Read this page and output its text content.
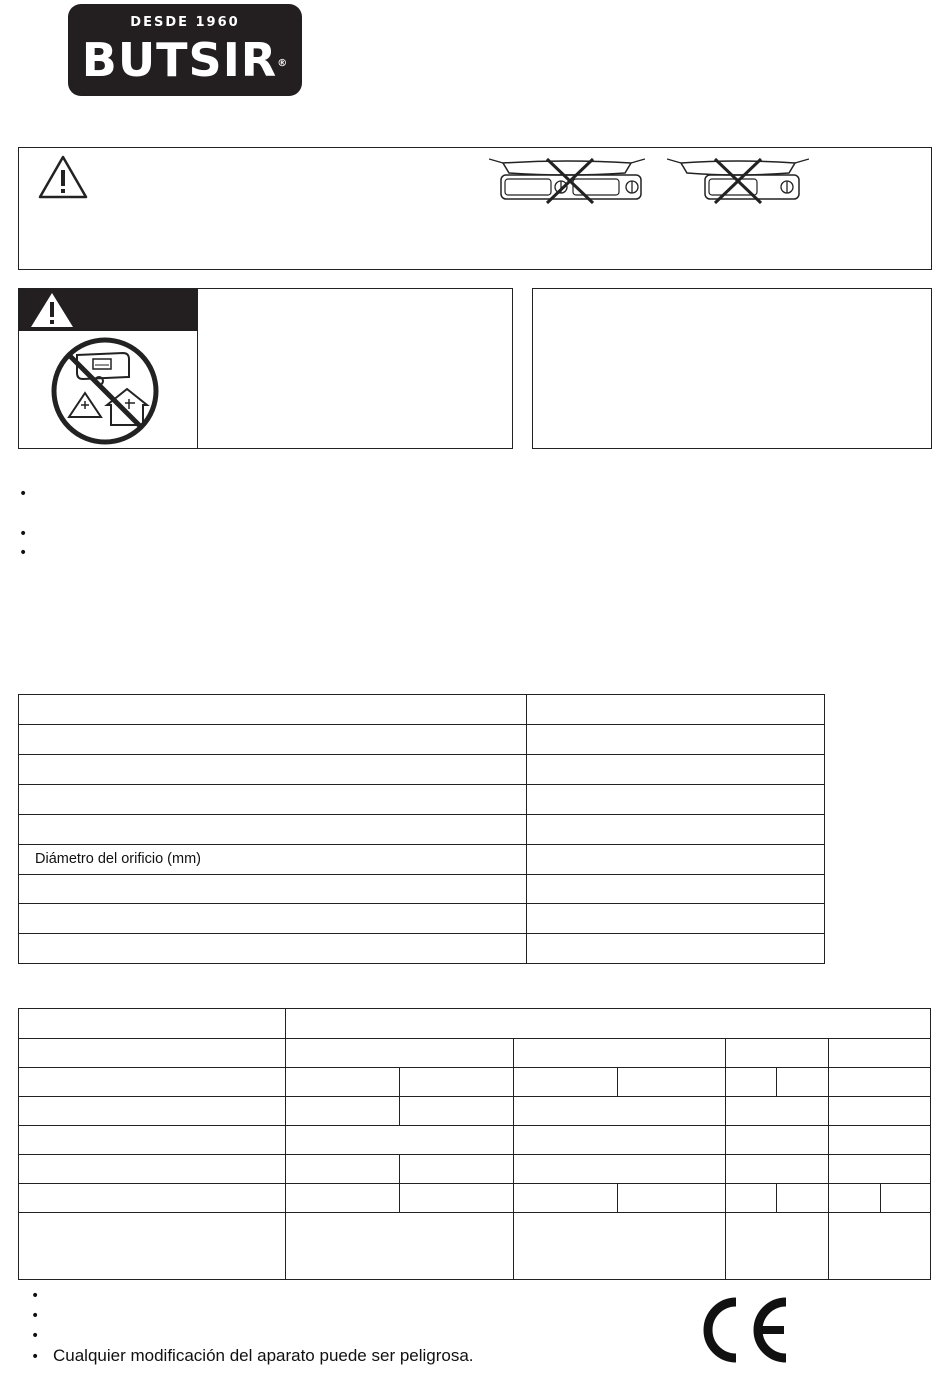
DESDE 1960
BUTSIR®
•
•
•
Diámetro del orificio (mm)
•
•
•
• Cualquier modificación del aparato puede ser peligrosa.
